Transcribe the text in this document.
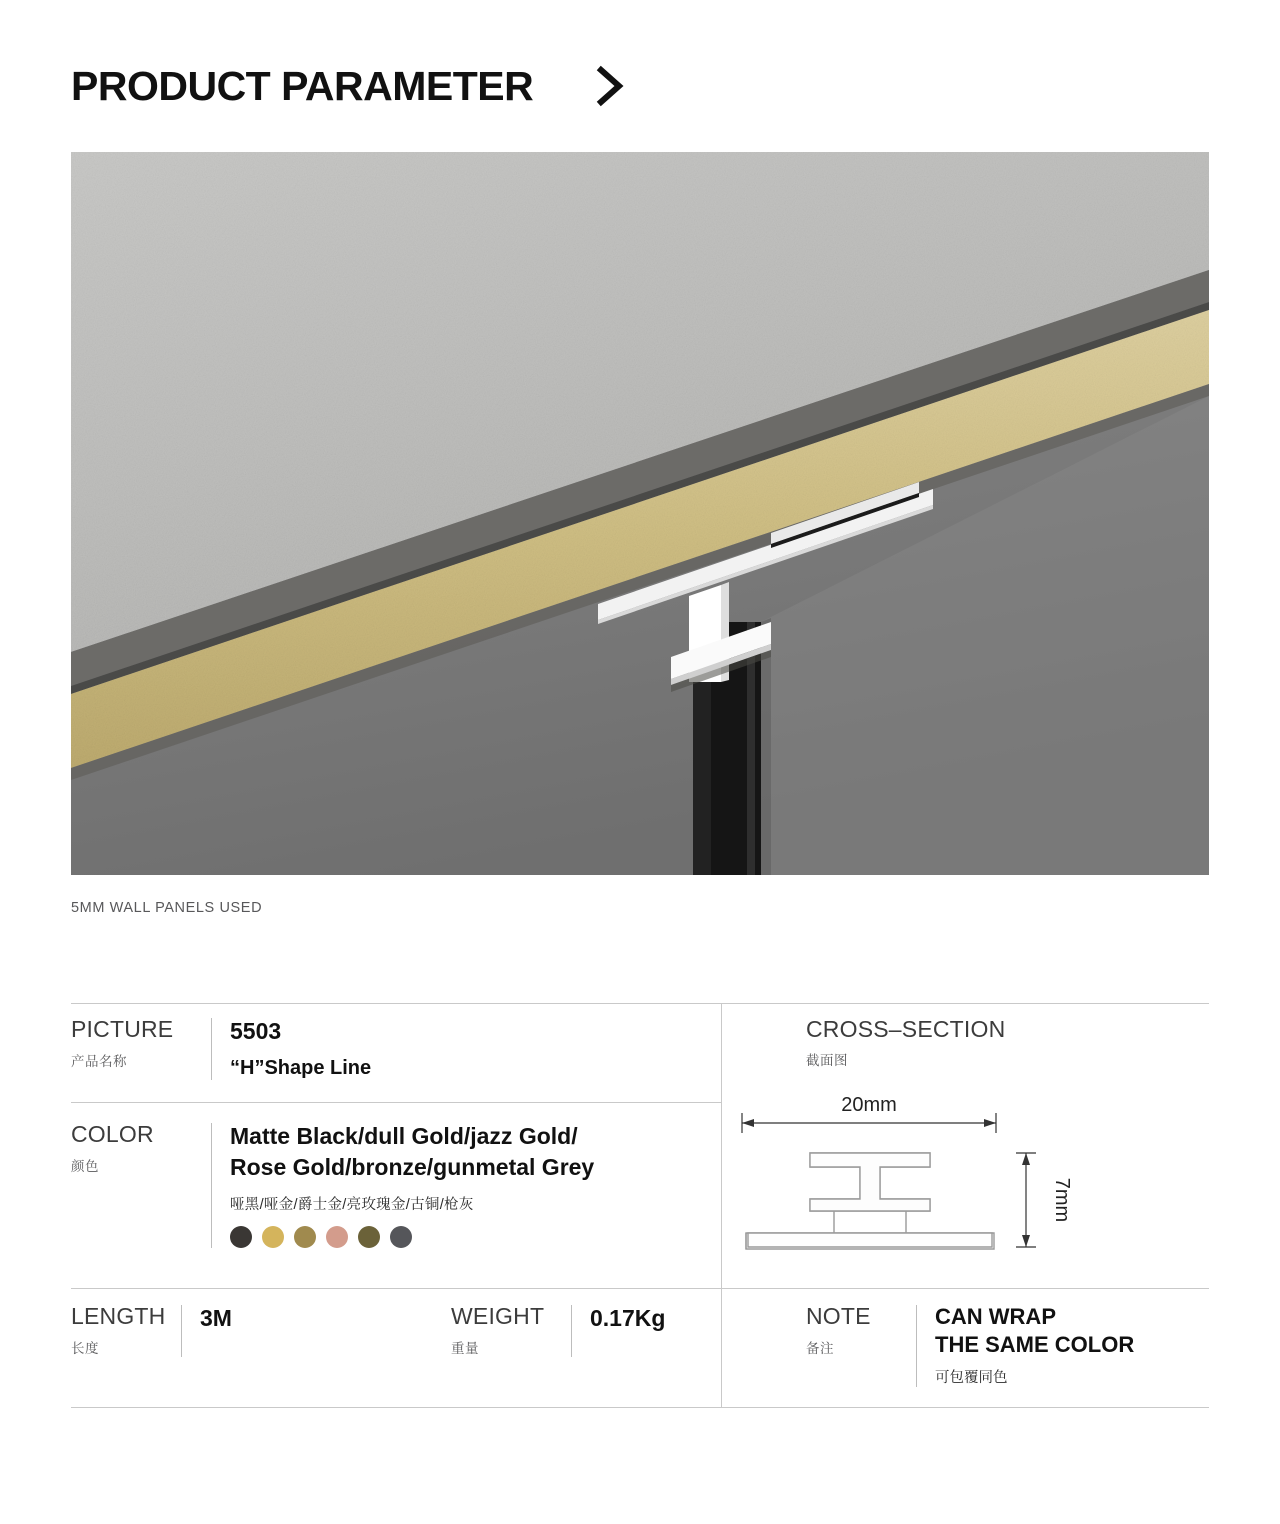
PRODUCT PARAMETER
5MM WALL PANELS USED
PICTURE
产品名称
5503
“H”Shape Line
COLOR
颜色
Matte Black/dull Gold/jazz Gold/
Rose Gold/bronze/gunmetal Grey
哑黑/哑金/爵士金/亮玫瑰金/古铜/枪灰
CROSS–SECTION
截面图
20mm
7mm
LENGTH
长度
3M	WEIGHT
重量
0.17Kg	NOTE
备注
CAN WRAP
THE SAME COLOR
可包覆同色
